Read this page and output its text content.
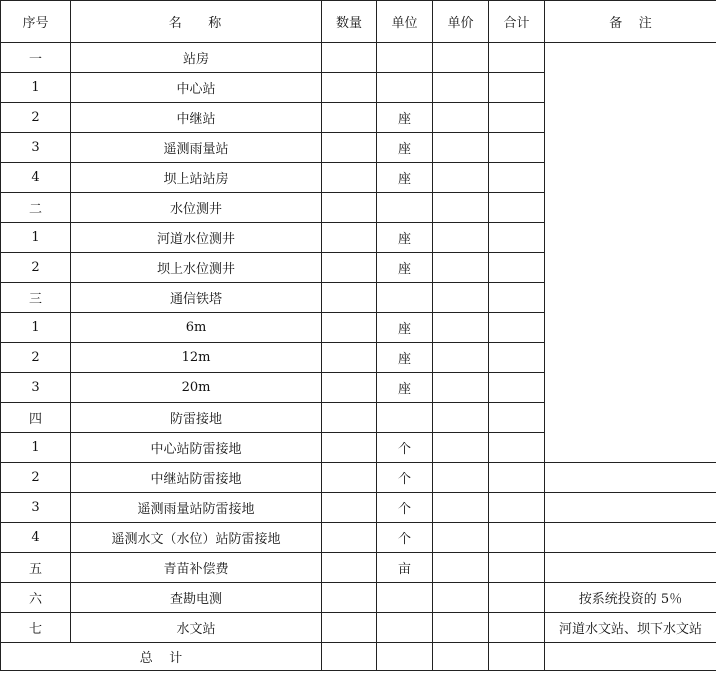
序号	名    称	数量	单位	单价	合计	备    注
一	站房					
1	中心站					
2	中继站		座			
3	遥测雨量站		座			
4	坝上站站房		座			
二	水位测井					
1	河道水位测井		座			
2	坝上水位测井		座			
三	通信铁塔					
1	6m		座			
2	12m		座			
3	20m		座			
四	防雷接地					
1	中心站防雷接地		个			
2	中继站防雷接地		个			
3	遥测雨量站防雷接地		个			
4	遥测水文（水位）站防雷接地		个			
五	青苗补偿费		亩			
六	查勘电测					按系统投资的 5％
七	水文站					河道水文站、坝下水文站
总    计						
